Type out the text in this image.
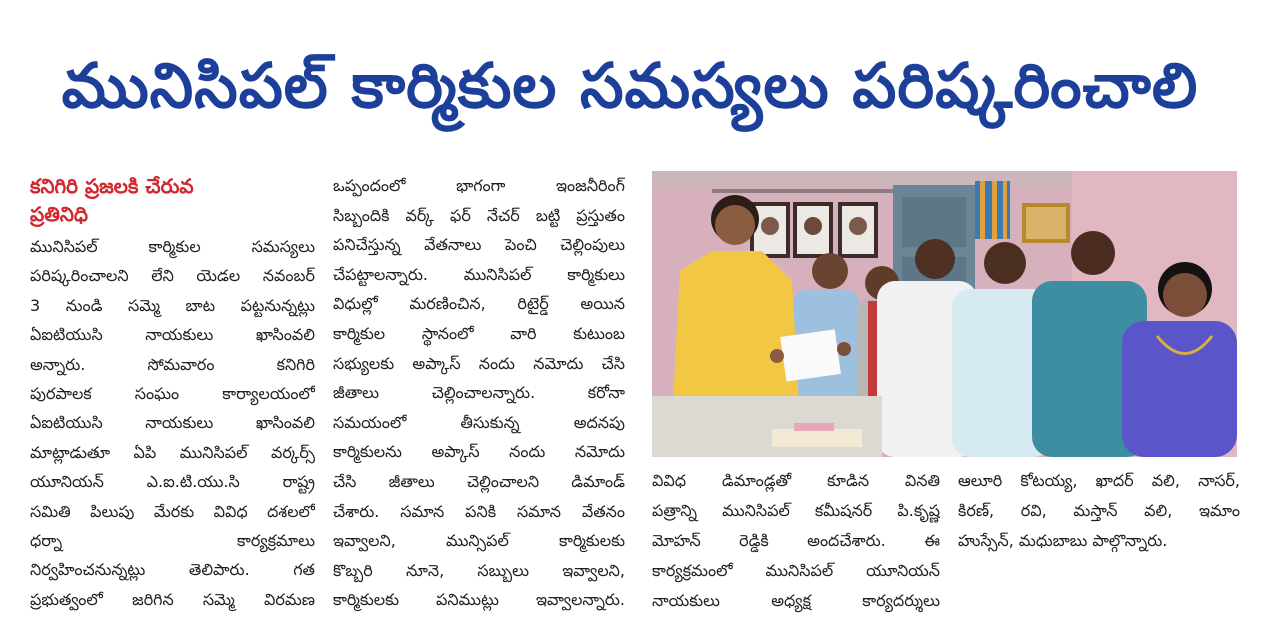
మునిసిపల్ కార్మికుల సమస్యలు పరిష్కరించాలి
కనిగిరి ప్రజలకి చేరువ
ప్రతినిధి
మునిసిపల్ కార్మికుల సమస్యలు
పరిష్కరించాలని లేని యెడల నవంబర్
3 నుండి సమ్మె బాట పట్టనున్నట్లు
ఏఐటియుసి నాయకులు ఖాసింవలి
అన్నారు. సోమవారం కనిగిరి
పురపాలక సంఘం కార్యాలయంలో
ఏఐటియుసి నాయకులు ఖాసింవలి
మాట్లాడుతూ ఏపి మునిసిపల్ వర్కర్స్
యూనియన్ ఎ.ఐ.టి.యు.సి రాష్ట్ర
సమితి పిలుపు మేరకు వివిధ దశలలో
ధర్నా కార్యక్రమాలు
నిర్వహించనున్నట్లు తెలిపారు. గత
ప్రభుత్వంలో జరిగిన సమ్మె విరమణ
ఒప్పందంలో భాగంగా ఇంజనీరింగ్
సిబ్బందికి వర్క్ ఫర్ నేచర్ బట్టి ప్రస్తుతం
పనిచేస్తున్న వేతనాలు పెంచి చెల్లింపులు
చేపట్టాలన్నారు. మునిసిపల్ కార్మికులు
విధుల్లో మరణించిన, రిటైర్డ్ అయిన
కార్మికుల స్థానంలో వారి కుటుంబ
సభ్యులకు అప్కాస్ నందు నమోదు చేసి
జీతాలు చెల్లించాలన్నారు. కరోనా
సమయంలో తీసుకున్న అదనపు
కార్మికులను అప్కాస్ నందు నమోదు
చేసి జీతాలు చెల్లించాలని డిమాండ్
చేశారు. సమాన పనికి సమాన వేతనం
ఇవ్వాలని, మున్సిపల్ కార్మికులకు
కొబ్బరి నూనె, సబ్బులు ఇవ్వాలని,
కార్మికులకు పనిముట్లు ఇవ్వాలన్నారు.
వివిధ డిమాండ్లతో కూడిన వినతి
పత్రాన్ని మునిసిపల్ కమీషనర్ పి.కృష్ణ
మోహన్ రెడ్డికి అందచేశారు. ఈ
కార్యక్రమంలో మునిసిపల్ యూనియన్
నాయకులు అధ్యక్ష కార్యదర్శులు
ఆలూరి కోటయ్య, ఖాదర్ వలి, నాసర్,
కిరణ్, రవి, మస్తాన్ వలి, ఇమాం
హుస్సేన్, మధుబాబు పాల్గొన్నారు.
